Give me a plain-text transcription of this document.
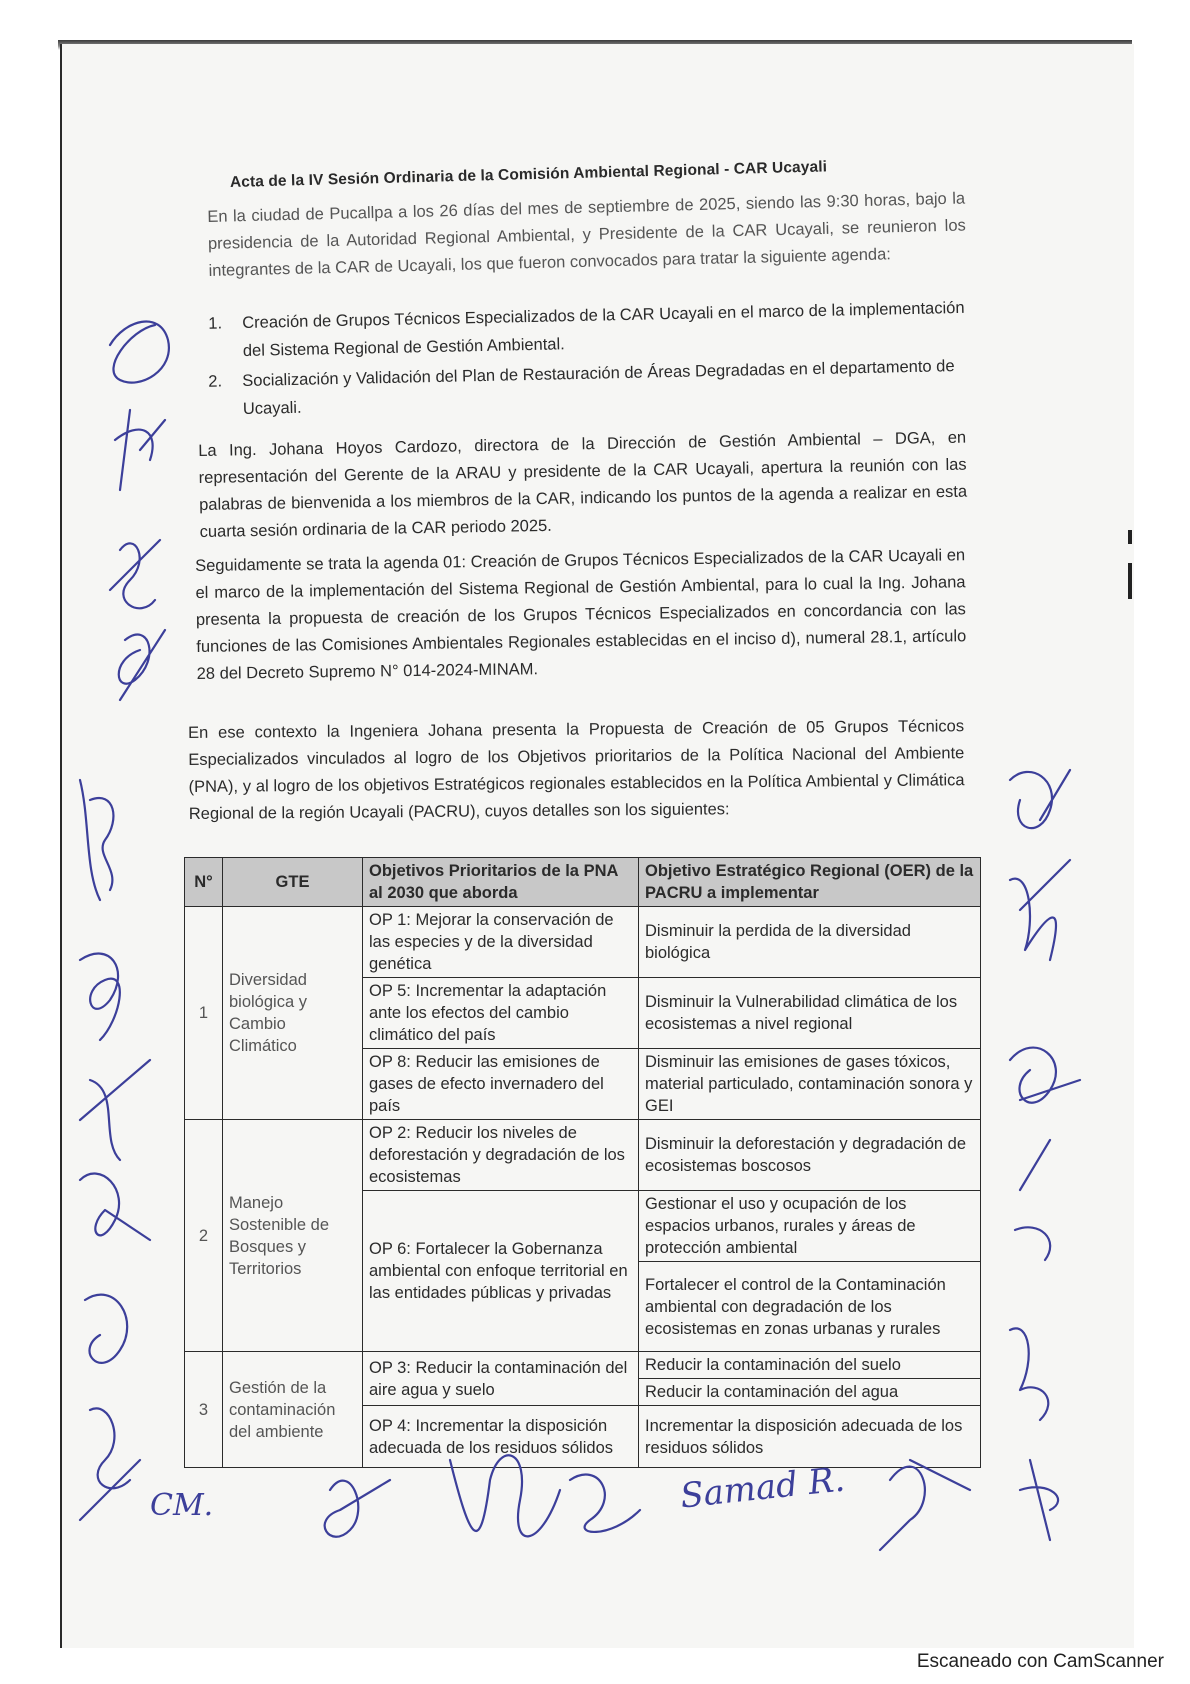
Acta de la IV Sesión Ordinaria de la Comisión Ambiental Regional - CAR Ucayali
En la ciudad de Pucallpa a los 26 días del mes de septiembre de 2025, siendo las 9:30 horas, bajo la presidencia de la Autoridad Regional Ambiental, y Presidente de la CAR Ucayali, se reunieron los integrantes de la CAR de Ucayali, los que fueron convocados para tratar la siguiente agenda:
1. Creación de Grupos Técnicos Especializados de la CAR Ucayali en el marco de la implementación del Sistema Regional de Gestión Ambiental.
2. Socialización y Validación del Plan de Restauración de Áreas Degradadas en el departamento de Ucayali.
La Ing. Johana Hoyos Cardozo, directora de la Dirección de Gestión Ambiental – DGA, en representación del Gerente de la ARAU y presidente de la CAR Ucayali, apertura la reunión con las palabras de bienvenida a los miembros de la CAR, indicando los puntos de la agenda a realizar en esta cuarta sesión ordinaria de la CAR periodo 2025.
Seguidamente se trata la agenda 01: Creación de Grupos Técnicos Especializados de la CAR Ucayali en el marco de la implementación del Sistema Regional de Gestión Ambiental, para lo cual la Ing. Johana presenta la propuesta de creación de los Grupos Técnicos Especializados en concordancia con las funciones de las Comisiones Ambientales Regionales establecidas en el inciso d), numeral 28.1, artículo 28 del Decreto Supremo N° 014-2024-MINAM.
En ese contexto la Ingeniera Johana presenta la Propuesta de Creación de 05 Grupos Técnicos Especializados vinculados al logro de los Objetivos prioritarios de la Política Nacional del Ambiente (PNA), y al logro de los objetivos Estratégicos regionales establecidos en la Política Ambiental y Climática Regional de la región Ucayali (PACRU), cuyos detalles son los siguientes:
N°	GTE	Objetivos Prioritarios de la PNA al 2030 que aborda	Objetivo Estratégico Regional (OER) de la PACRU a implementar
1	Diversidad biológica y Cambio Climático	OP 1: Mejorar la conservación de las especies y de la diversidad genética	Disminuir la perdida de la diversidad biológica
		OP 5: Incrementar la adaptación ante los efectos del cambio climático del país	Disminuir la Vulnerabilidad climática de los ecosistemas a nivel regional
		OP 8: Reducir las emisiones de gases de efecto invernadero del país	Disminuir las emisiones de gases tóxicos, material particulado, contaminación sonora y GEI
2	Manejo Sostenible de Bosques y Territorios	OP 2: Reducir los niveles de deforestación y degradación de los ecosistemas	Disminuir la deforestación y degradación de ecosistemas boscosos
		OP 6: Fortalecer la Gobernanza ambiental con enfoque territorial en las entidades públicas y privadas	Gestionar el uso y ocupación de los espacios urbanos, rurales y áreas de protección ambiental
			Fortalecer el control de la Contaminación ambiental con degradación de los ecosistemas en zonas urbanas y rurales
3	Gestión de la contaminación del ambiente	OP 3: Reducir la contaminación del aire agua y suelo	Reducir la contaminación del suelo
			Reducir la contaminación del agua
		OP 4: Incrementar la disposición adecuada de los residuos sólidos	Incrementar la disposición adecuada de los residuos sólidos
CM.	Samad R.
Escaneado con CamScanner
